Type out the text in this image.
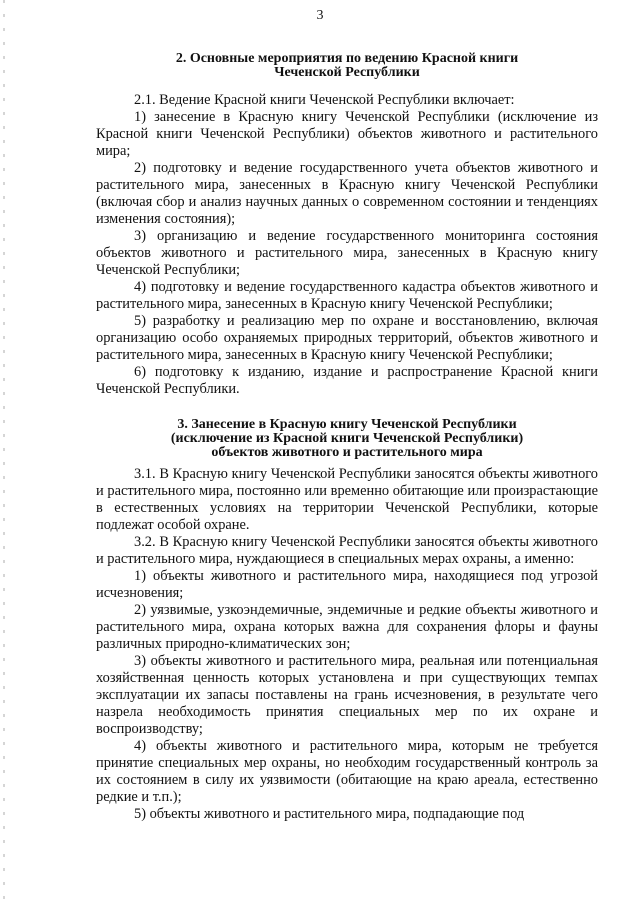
3
2. Основные мероприятия по ведению Красной книги
Чеченской Республики

2.1. Ведение Красной книги Чеченской Республики включает:

1) занесение в Красную книгу Чеченской Республики (исключение из Красной книги Чеченской Республики) объектов животного и растительного мира;

2) подготовку и ведение государственного учета объектов животного и растительного мира, занесенных в Красную книгу Чеченской Республики (включая сбор и анализ научных данных о современном состоянии и тенденциях изменения состояния);

3) организацию и ведение государственного мониторинга состояния объектов животного и растительного мира, занесенных в Красную книгу Чеченской Республики;

4) подготовку и ведение государственного кадастра объектов животного и растительного мира, занесенных в Красную книгу Чеченской Республики;

5) разработку и реализацию мер по охране и восстановлению, включая организацию особо охраняемых природных территорий, объектов животного и растительного мира, занесенных в Красную книгу Чеченской Республики;

6) подготовку к изданию, издание и распространение Красной книги Чеченской Республики.

3. Занесение в Красную книгу Чеченской Республики
(исключение из Красной книги Чеченской Республики)
объектов животного и растительного мира

3.1. В Красную книгу Чеченской Республики заносятся объекты животного и растительного мира, постоянно или временно обитающие или произрастающие в естественных условиях на территории Чеченской Республики, которые подлежат особой охране.

3.2. В Красную книгу Чеченской Республики заносятся объекты животного и растительного мира, нуждающиеся в специальных мерах охраны, а именно:

1) объекты животного и растительного мира, находящиеся под угрозой исчезновения;

2) уязвимые, узкоэндемичные, эндемичные и редкие объекты животного и растительного мира, охрана которых важна для сохранения флоры и фауны различных природно-климатических зон;

3) объекты животного и растительного мира, реальная или потенциальная хозяйственная ценность которых установлена и при существующих темпах эксплуатации их запасы поставлены на грань исчезновения, в результате чего назрела необходимость принятия специальных мер по их охране и воспроизводству;

4) объекты животного и растительного мира, которым не требуется принятие специальных мер охраны, но необходим государственный контроль за их состоянием в силу их уязвимости (обитающие на краю ареала, естественно редкие и т.п.);

5) объекты животного и растительного мира, подпадающие под
